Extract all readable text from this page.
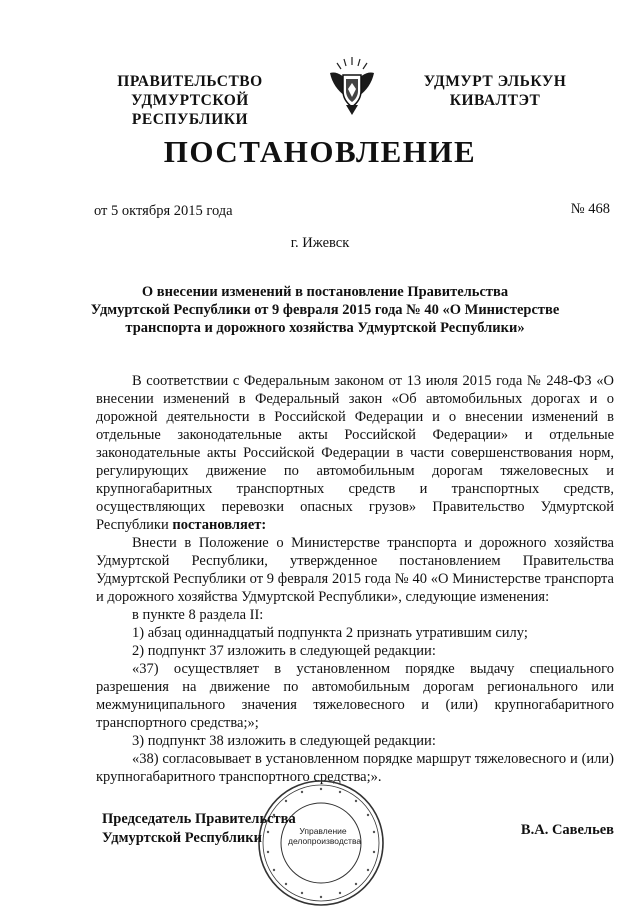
ПРАВИТЕЛЬСТВО
УДМУРТСКОЙ РЕСПУБЛИКИ
УДМУРТ ЭЛЬКУН
КИВАЛТЭТ
ПОСТАНОВЛЕНИЕ
от 5 октября 2015 года	№ 468
г. Ижевск
О внесении изменений в постановление Правительства
Удмуртской Республики от 9 февраля 2015 года № 40 «О Министерстве
транспорта и дорожного хозяйства Удмуртской Республики»

В соответствии с Федеральным законом от 13 июля 2015 года № 248-ФЗ «О внесении изменений в Федеральный закон «Об автомобильных дорогах и о дорожной деятельности в Российской Федерации и о внесении изменений в отдельные законодательные акты Российской Федерации» и отдельные законодательные акты Российской Федерации в части совершенствования норм, регулирующих движение по автомобильным дорогам тяжеловесных и крупногабаритных транспортных средств и транспортных средств, осуществляющих перевозки опасных грузов» Правительство Удмуртской Республики постановляет:

Внести в Положение о Министерстве транспорта и дорожного хозяйства Удмуртской Республики, утвержденное постановлением Правительства Удмуртской Республики от 9 февраля 2015 года № 40 «О Министерстве транспорта и дорожного хозяйства Удмуртской Республики», следующие изменения:

в пункте 8 раздела II:

1) абзац одиннадцатый подпункта 2 признать утратившим силу;

2) подпункт 37 изложить в следующей редакции:

«37) осуществляет в установленном порядке выдачу специального разрешения на движение по автомобильным дорогам регионального или межмуниципального значения тяжеловесного и (или) крупногабаритного транспортного средства;»;

3) подпункт 38 изложить в следующей редакции:

«38) согласовывает в установленном порядке маршрут тяжеловесного и (или) крупногабаритного транспортного средства;».

Управление
делопроизводства
Председатель Правительства
Удмуртской Республики	В.А. Савельев
